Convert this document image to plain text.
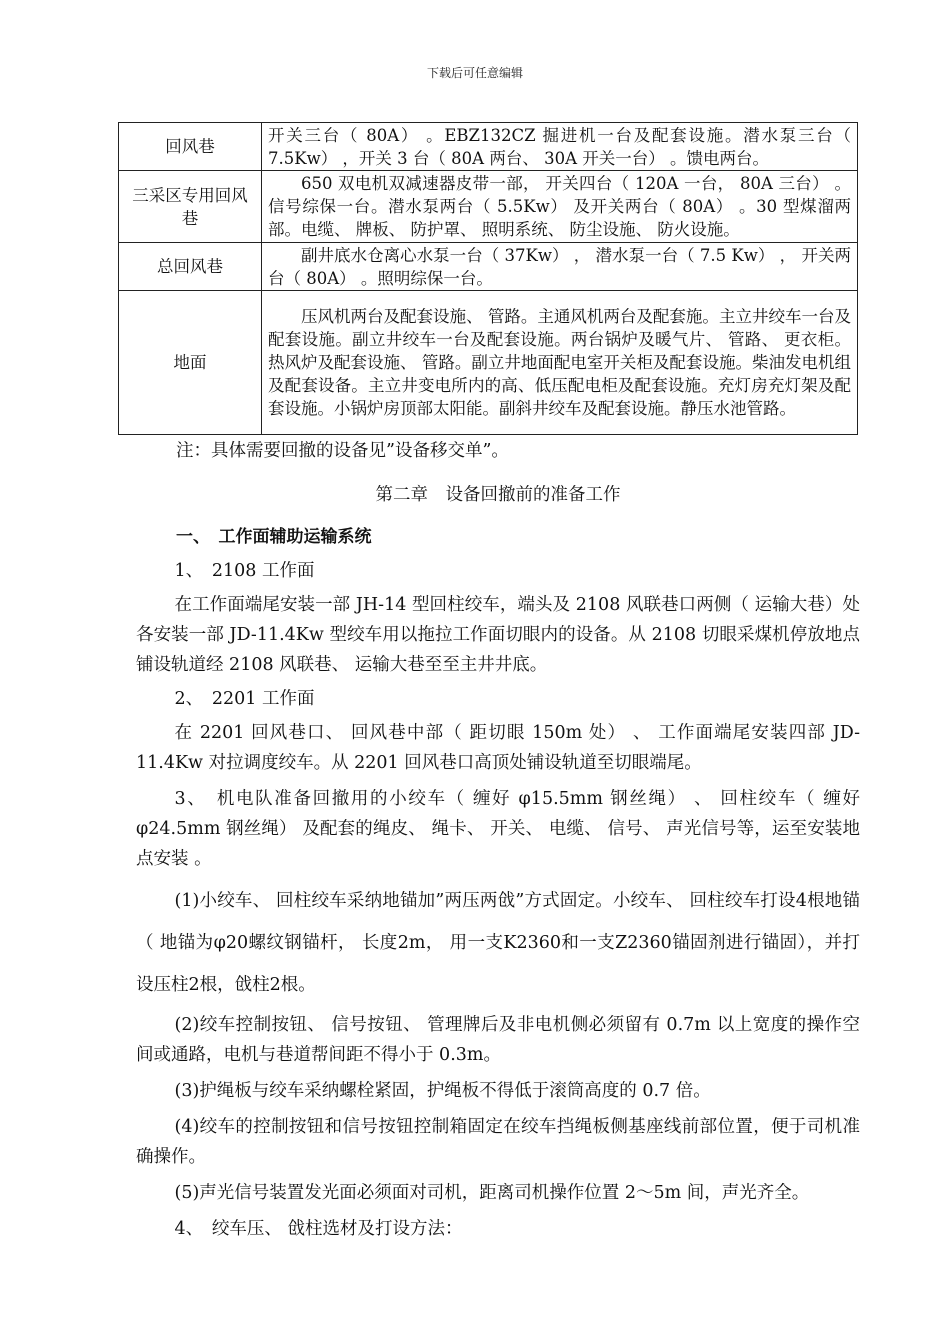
下载后可任意编辑
回风巷	开关三台（ 80A） 。EBZ132CZ 掘进机一台及配套设施。潜水泵三台（ 7.5Kw） ，开关 3 台（ 80A 两台、 30A 开关一台） 。馈电两台。
三采区专用回风巷	650 双电机双减速器皮带一部， 开关四台（ 120A 一台， 80A 三台） 。信号综保一台。潜水泵两台（ 5.5Kw） 及开关两台（ 80A） 。30 型煤溜两部。电缆、 牌板、 防护罩、 照明系统、 防尘设施、 防火设施。
总回风巷	副井底水仓离心水泵一台（ 37Kw） ， 潜水泵一台（ 7.5 Kw） ， 开关两台（ 80A） 。照明综保一台。
地面	压风机两台及配套设施、 管路。主通风机两台及配套施。主立井绞车一台及配套设施。副立井绞车一台及配套设施。两台锅炉及暖气片、 管路、 更衣柜。热风炉及配套设施、 管路。副立井地面配电室开关柜及配套设施。柴油发电机组及配套设备。主立井变电所内的高、低压配电柜及配套设施。充灯房充灯架及配套设施。小锅炉房顶部太阳能。副斜井绞车及配套设施。静压水池管路。

注：具体需要回撤的设备见”设备移交单”。

第二章　设备回撤前的准备工作

一、　工作面辅助运输系统

1、　2108 工作面

在工作面端尾安装一部 JH-14 型回柱绞车，端头及 2108 风联巷口两侧（ 运输大巷）处各安装一部 JD-11.4Kw 型绞车用以拖拉工作面切眼内的设备。从 2108 切眼采煤机停放地点铺设轨道经 2108 风联巷、 运输大巷至至主井井底。

2、　2201 工作面

在 2201 回风巷口、 回风巷中部（ 距切眼 150m 处） 、 工作面端尾安装四部 JD-11.4Kw 对拉调度绞车。从 2201 回风巷口高顶处铺设轨道至切眼端尾。

3、　机电队准备回撤用的小绞车（ 缠好 φ15.5mm 钢丝绳） 、 回柱绞车（ 缠好 φ24.5mm 钢丝绳） 及配套的绳皮、 绳卡、 开关、 电缆、 信号、 声光信号等，运至安装地点安装 。

(1)小绞车、 回柱绞车采纳地锚加”两压两戗”方式固定。小绞车、 回柱绞车打设4根地锚（ 地锚为φ20螺纹钢锚杆， 长度2m， 用一支K2360和一支Z2360锚固剂进行锚固），并打设压柱2根，戗柱2根。

(2)绞车控制按钮、 信号按钮、 管理牌后及非电机侧必须留有 0.7m 以上宽度的操作空间或通路，电机与巷道帮间距不得小于 0.3m。

(3)护绳板与绞车采纳螺栓紧固，护绳板不得低于滚筒高度的 0.7 倍。

(4)绞车的控制按钮和信号按钮控制箱固定在绞车挡绳板侧基座线前部位置，便于司机准确操作。

(5)声光信号装置发光面必须面对司机，距离司机操作位置 2～5m 间，声光齐全。

4、　绞车压、 戗柱选材及打设方法：
